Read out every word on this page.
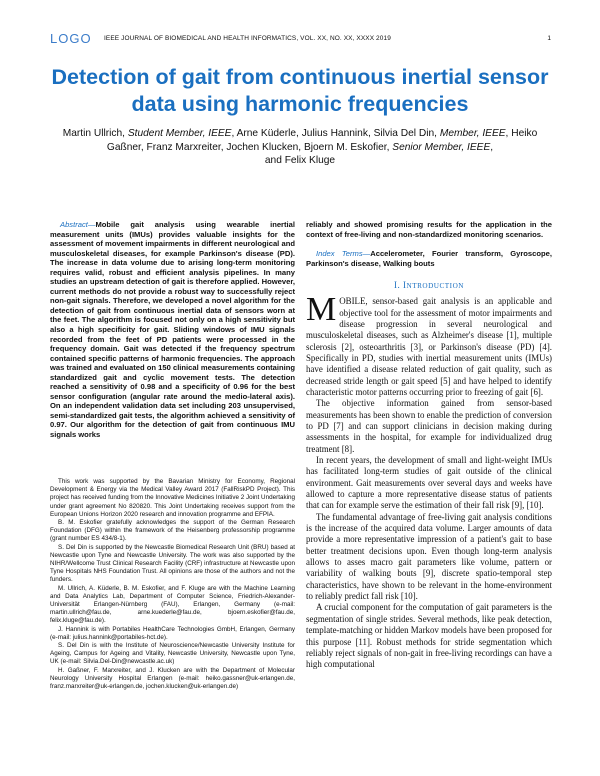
LOGO IEEE JOURNAL OF BIOMEDICAL AND HEALTH INFORMATICS, VOL. XX, NO. XX, XXXX 2019	1
Detection of gait from continuous inertial sensor data using harmonic frequencies
Martin Ullrich, Student Member, IEEE, Arne Küderle, Julius Hannink, Silvia Del Din, Member, IEEE, Heiko
Gaßner, Franz Marxreiter, Jochen Klucken, Bjoern M. Eskofier, Senior Member, IEEE,
and Felix Kluge

Abstract—Mobile gait analysis using wearable inertial measurement units (IMUs) provides valuable insights for the assessment of movement impairments in different neurological and musculoskeletal diseases, for example Parkinson's disease (PD). The increase in data volume due to arising long-term monitoring requires valid, robust and efficient analysis pipelines. In many studies an upstream detection of gait is therefore applied. However, current methods do not provide a robust way to successfully reject non-gait signals. Therefore, we developed a novel algorithm for the detection of gait from continuous inertial data of sensors worn at the feet. The algorithm is focused not only on a high sensitivity but also a high specificity for gait. Sliding windows of IMU signals recorded from the feet of PD patients were processed in the frequency domain. Gait was detected if the frequency spectrum contained specific patterns of harmonic frequencies. The approach was trained and evaluated on 150 clinical measurements containing standardized gait and cyclic movement tests. The detection reached a sensitivity of 0.98 and a specificity of 0.96 for the best sensor configuration (angular rate around the medio-lateral axis). On an independent validation data set including 203 unsupervised, semi-standardized gait tests, the algorithm achieved a sensitivity of 0.97. Our algorithm for the detection of gait from continuous IMU signals works

This work was supported by the Bavarian Ministry for Economy, Regional Development & Energy via the Medical Valley Award 2017 (FallRiskPD Project). This project has received funding from the Innovative Medicines Initiative 2 Joint Undertaking under grant agreement No 820820. This Joint Undertaking receives support from the European Unions Horizon 2020 research and innovation programme and EFPIA.

B. M. Eskofier gratefully acknowledges the support of the German Research Foundation (DFG) within the framework of the Heisenberg professorship programme (grant number ES 434/8-1).

S. Del Din is supported by the Newcastle Biomedical Research Unit (BRU) based at Newcastle upon Tyne and Newcastle University. The work was also supported by the NIHR/Wellcome Trust Clinical Research Facility (CRF) infrastructure at Newcastle upon Tyne Hospitals NHS Foundation Trust. All opinions are those of the authors and not the funders.

M. Ullrich, A. Küderle, B. M. Eskofier, and F. Kluge are with the Machine Learning and Data Analytics Lab, Department of Computer Science, Friedrich-Alexander-Universität Erlangen-Nürnberg (FAU), Erlangen, Germany (e-mail: martin.ullrich@fau.de, arne.kuederle@fau.de, bjoern.eskofier@fau.de, felix.kluge@fau.de).

J. Hannink is with Portabiles HealthCare Technologies GmbH, Erlangen, Germany (e-mail: julius.hannink@portabiles-hct.de).

S. Del Din is with the Institute of Neuroscience/Newcastle University Institute for Ageing, Campus for Ageing and Vitality, Newcastle University, Newcastle upon Tyne, UK (e-mail: Silvia.Del-Din@newcastle.ac.uk)

H. Gaßner, F. Marxreiter, and J. Klucken are with the Department of Molecular Neurology University Hospital Erlangen (e-mail: heiko.gassner@uk-erlangen.de, franz.marxreiter@uk-erlangen.de, jochen.klucken@uk-erlangen.de)

reliably and showed promising results for the application in the context of free-living and non-standardized monitoring scenarios.

Index Terms—Accelerometer, Fourier transform, Gyroscope, Parkinson's disease, Walking bouts

I. INTRODUCTION

MOBILE, sensor-based gait analysis is an applicable and objective tool for the assessment of motor impairments and disease progression in several neurological and musculoskeletal diseases, such as Alzheimer's disease [1], multiple sclerosis [2], osteoarthritis [3], or Parkinson's disease (PD) [4]. Specifically in PD, studies with inertial measurement units (IMUs) have identified a disease related reduction of gait quality, such as decreased stride length or gait speed [5] and have helped to identify characteristic motor patterns occurring prior to freezing of gait [6].

The objective information gained from sensor-based measurements has been shown to enable the prediction of conversion to PD [7] and can support clinicians in decision making during assessments in the hospital, for example for individualized drug treatment [8].

In recent years, the development of small and light-weight IMUs has facilitated long-term studies of gait outside of the clinical environment. Gait measurements over several days and weeks have allowed to capture a more representative disease status of patients that can for example serve the estimation of their fall risk [9], [10].

The fundamental advantage of free-living gait analysis conditions is the increase of the acquired data volume. Larger amounts of data provide a more representative impression of a patient's gait to base better treatment decisions upon. Even though long-term analysis allows to asses macro gait parameters like volume, pattern or variability of walking bouts [9], discrete spatio-temporal step characteristics, have shown to be relevant in the home-environment to reliably predict fall risk [10].

A crucial component for the computation of gait parameters is the segmentation of single strides. Several methods, like peak detection, template-matching or hidden Markov models have been proposed for this purpose [11]. Robust methods for stride segmentation which reliably reject signals of non-gait in free-living recordings can have a high computational
